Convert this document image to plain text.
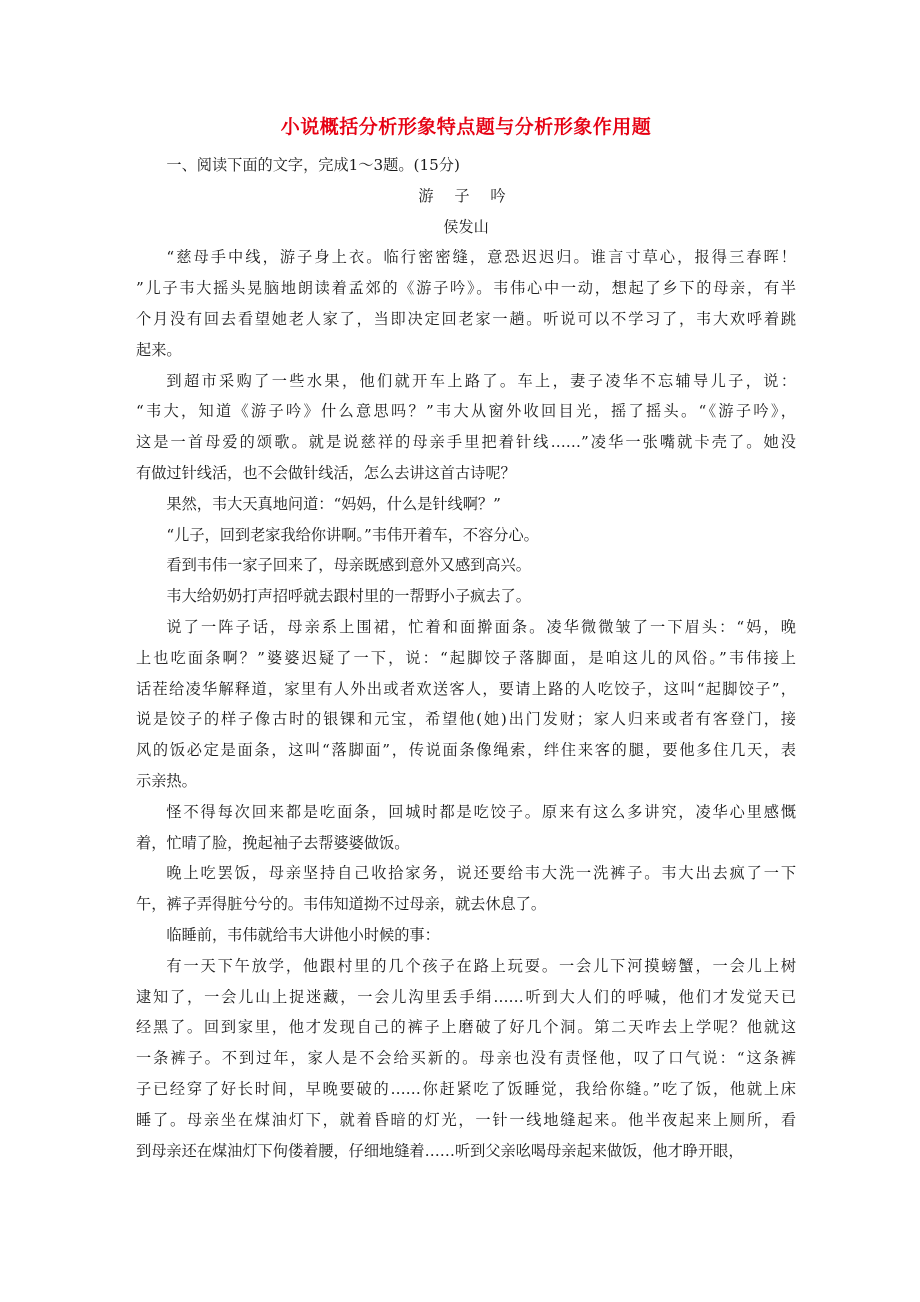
小说概括分析形象特点题与分析形象作用题

一、阅读下面的文字，完成1～3题。(15分)

游 子 吟

侯发山

“慈母手中线，游子身上衣。临行密密缝，意恐迟迟归。谁言寸草心，报得三春晖！

”儿子韦大摇头晃脑地朗读着孟郊的《游子吟》。韦伟心中一动，想起了乡下的母亲，有半

个月没有回去看望她老人家了，当即决定回老家一趟。听说可以不学习了，韦大欢呼着跳

起来。

到超市采购了一些水果，他们就开车上路了。车上，妻子凌华不忘辅导儿子，说：

“韦大，知道《游子吟》什么意思吗？”韦大从窗外收回目光，摇了摇头。“《游子吟》，

这是一首母爱的颂歌。就是说慈祥的母亲手里把着针线……”凌华一张嘴就卡壳了。她没

有做过针线活，也不会做针线活，怎么去讲这首古诗呢？

果然，韦大天真地问道：“妈妈，什么是针线啊？”

“儿子，回到老家我给你讲啊。”韦伟开着车，不容分心。

看到韦伟一家子回来了，母亲既感到意外又感到高兴。

韦大给奶奶打声招呼就去跟村里的一帮野小子疯去了。

说了一阵子话，母亲系上围裙，忙着和面擀面条。凌华微微皱了一下眉头：“妈，晚

上也吃面条啊？”婆婆迟疑了一下，说：“起脚饺子落脚面，是咱这儿的风俗。”韦伟接上

话茬给凌华解释道，家里有人外出或者欢送客人，要请上路的人吃饺子，这叫“起脚饺子”，

说是饺子的样子像古时的银锞和元宝，希望他(她)出门发财；家人归来或者有客登门，接

风的饭必定是面条，这叫“落脚面”，传说面条像绳索，绊住来客的腿，要他多住几天，表

示亲热。

怪不得每次回来都是吃面条，回城时都是吃饺子。原来有这么多讲究，凌华心里感慨

着，忙晴了脸，挽起袖子去帮婆婆做饭。

晚上吃罢饭，母亲坚持自己收拾家务，说还要给韦大洗一洗裤子。韦大出去疯了一下

午，裤子弄得脏兮兮的。韦伟知道拗不过母亲，就去休息了。

临睡前，韦伟就给韦大讲他小时候的事：

有一天下午放学，他跟村里的几个孩子在路上玩耍。一会儿下河摸螃蟹，一会儿上树

逮知了，一会儿山上捉迷藏，一会儿沟里丢手绢……听到大人们的呼喊，他们才发觉天已

经黑了。回到家里，他才发现自己的裤子上磨破了好几个洞。第二天咋去上学呢？他就这

一条裤子。不到过年，家人是不会给买新的。母亲也没有责怪他，叹了口气说：“这条裤

子已经穿了好长时间，早晚要破的……你赶紧吃了饭睡觉，我给你缝。”吃了饭，他就上床

睡了。母亲坐在煤油灯下，就着昏暗的灯光，一针一线地缝起来。他半夜起来上厕所，看

到母亲还在煤油灯下佝偻着腰，仔细地缝着……听到父亲吆喝母亲起来做饭，他才睁开眼，
